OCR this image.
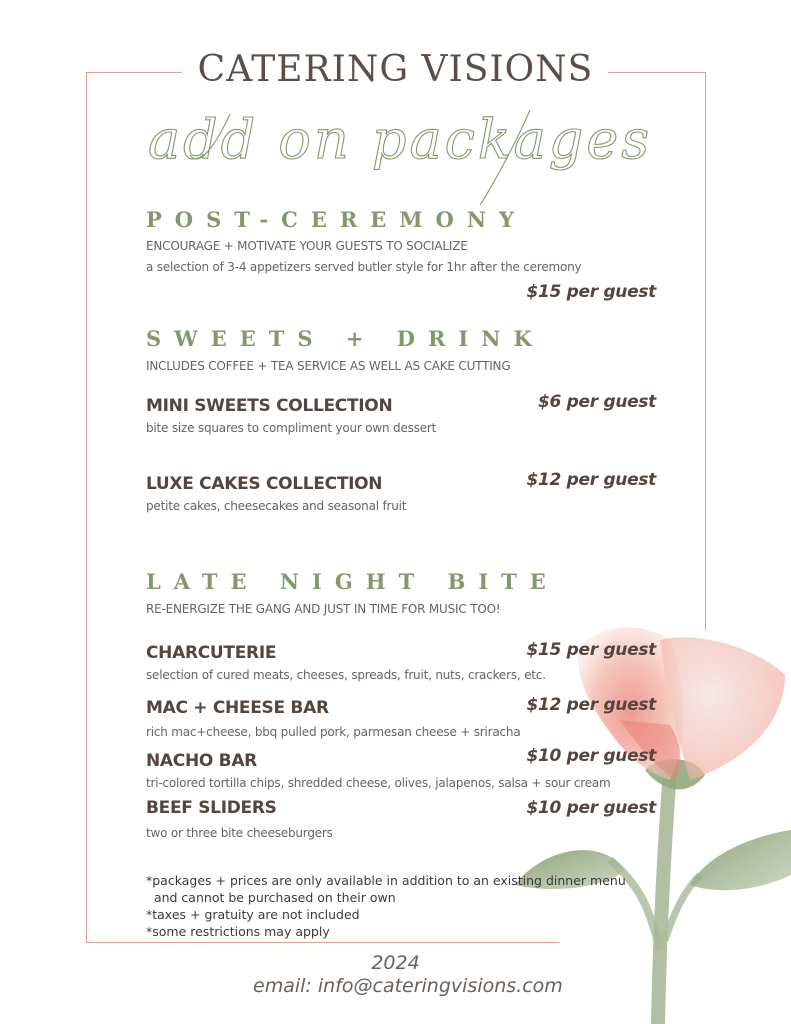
CATERING VISIONS
add on packages
POST-CEREMONY
ENCOURAGE + MOTIVATE YOUR GUESTS TO SOCIALIZE
a selection of 3-4 appetizers served butler style for 1hr after the ceremony
$15 per guest
SWEETS + DRINK
INCLUDES COFFEE + TEA SERVICE AS WELL AS CAKE CUTTING
MINI SWEETS COLLECTION	$6 per guest
bite size squares to compliment your own dessert
LUXE CAKES COLLECTION	$12 per guest
petite cakes, cheesecakes and seasonal fruit
LATE NIGHT BITE
RE-ENERGIZE THE GANG AND JUST IN TIME FOR MUSIC TOO!
CHARCUTERIE	$15 per guest
selection of cured meats, cheeses, spreads, fruit, nuts, crackers, etc.
MAC + CHEESE BAR	$12 per guest
rich mac+cheese, bbq pulled pork, parmesan cheese + sriracha
NACHO BAR	$10 per guest
tri-colored tortilla chips, shredded cheese, olives, jalapenos, salsa + sour cream
BEEF SLIDERS	$10 per guest
two or three bite cheeseburgers
*packages + prices are only available in addition to an existing dinner menu
and cannot be purchased on their own
*taxes + gratuity are not included
*some restrictions may apply
2024
email: info@cateringvisions.com
